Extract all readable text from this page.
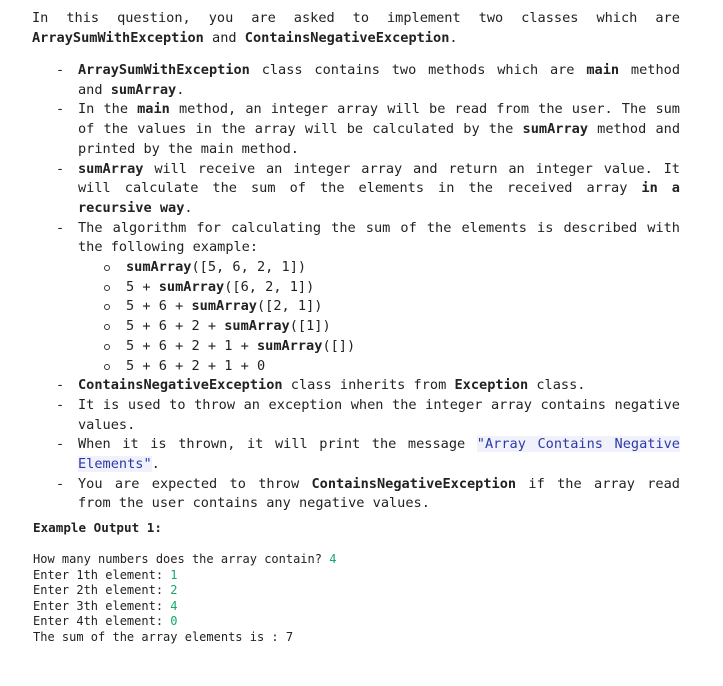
In this question, you are asked to implement two classes which are
ArraySumWithException and ContainsNegativeException.
- ArraySumWithException class contains two methods which are main method and sumArray.
- In the main method, an integer array will be read from the user. The sum of the values in the array will be calculated by the sumArray method and printed by the main method.
- sumArray will receive an integer array and return an integer value. It will calculate the sum of the elements in the received array in a recursive way.
- The algorithm for calculating the sum of the elements is described with the following example:
sumArray([5, 6, 2, 1])
5 + sumArray([6, 2, 1])
5 + 6 + sumArray([2, 1])
5 + 6 + 2 + sumArray([1])
5 + 6 + 2 + 1 + sumArray([])
5 + 6 + 2 + 1 + 0
- ContainsNegativeException class inherits from Exception class.
- It is used to throw an exception when the integer array contains negative values.
- When it is thrown, it will print the message "Array Contains Negative Elements".
- You are expected to throw ContainsNegativeException if the array read from the user contains any negative values.
Example Output 1:
How many numbers does the array contain? 4
Enter 1th element: 1
Enter 2th element: 2
Enter 3th element: 4
Enter 4th element: 0
The sum of the array elements is : 7
